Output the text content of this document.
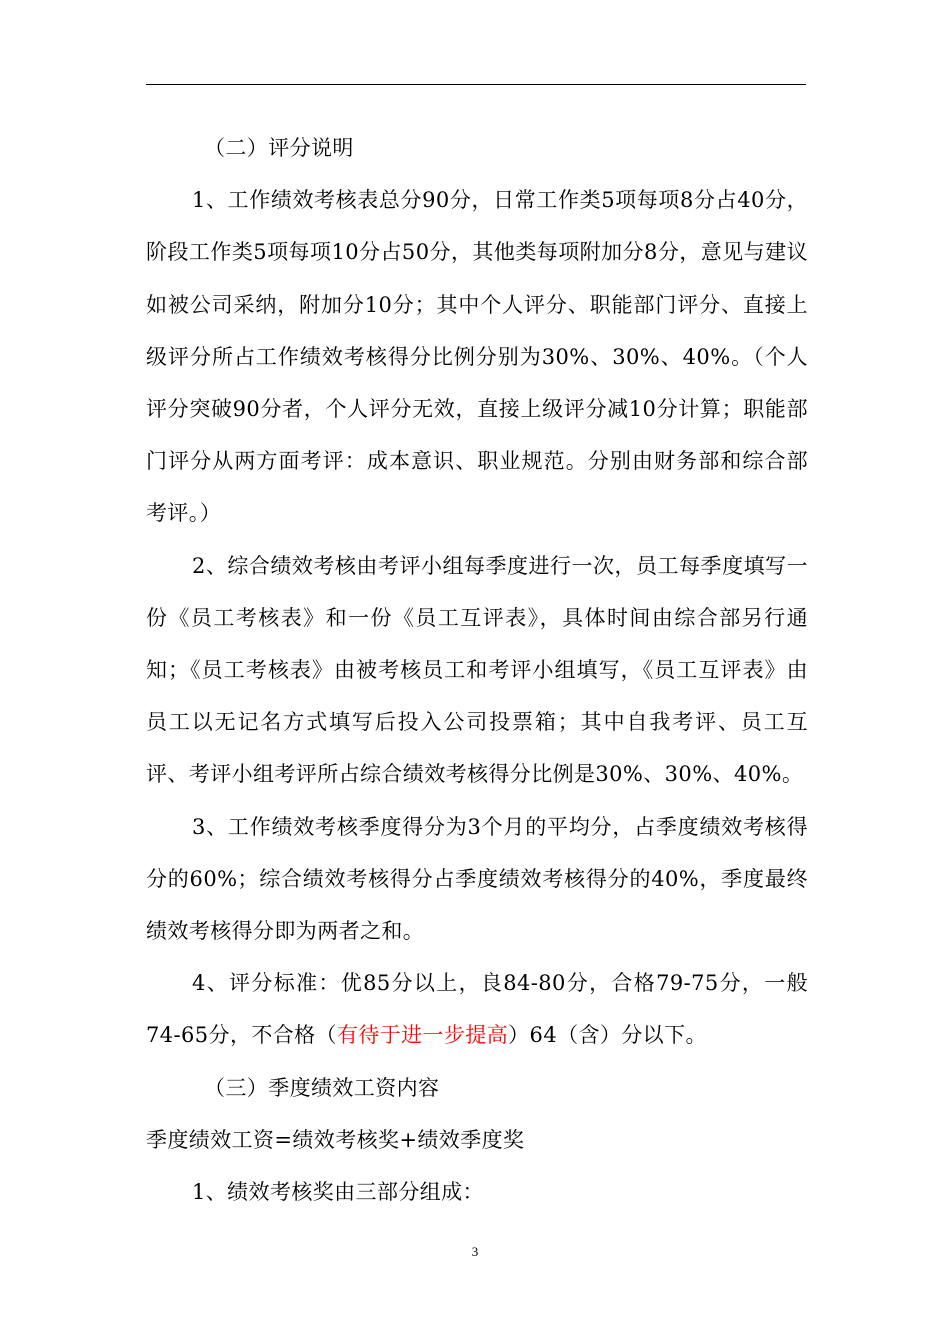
（二）评分说明

1、工作绩效考核表总分90分，日常工作类5项每项8分占40分，阶段工作类5项每项10分占50分，其他类每项附加分8分，意见与建议如被公司采纳，附加分10分；其中个人评分、职能部门评分、直接上级评分所占工作绩效考核得分比例分别为30%、30%、40%。（个人评分突破90分者，个人评分无效，直接上级评分减10分计算；职能部门评分从两方面考评：成本意识、职业规范。分别由财务部和综合部考评。）

2、综合绩效考核由考评小组每季度进行一次，员工每季度填写一份《员工考核表》和一份《员工互评表》，具体时间由综合部另行通知；《员工考核表》由被考核员工和考评小组填写，《员工互评表》由员工以无记名方式填写后投入公司投票箱；其中自我考评、员工互评、考评小组考评所占综合绩效考核得分比例是30%、30%、40%。

3、工作绩效考核季度得分为3个月的平均分，占季度绩效考核得分的60%；综合绩效考核得分占季度绩效考核得分的40%，季度最终绩效考核得分即为两者之和。

4、评分标准：优85分以上，良84-80分，合格79-75分，一般74-65分，不合格（有待于进一步提高）64（含）分以下。

（三）季度绩效工资内容

季度绩效工资=绩效考核奖+绩效季度奖

1、绩效考核奖由三部分组成：

3
